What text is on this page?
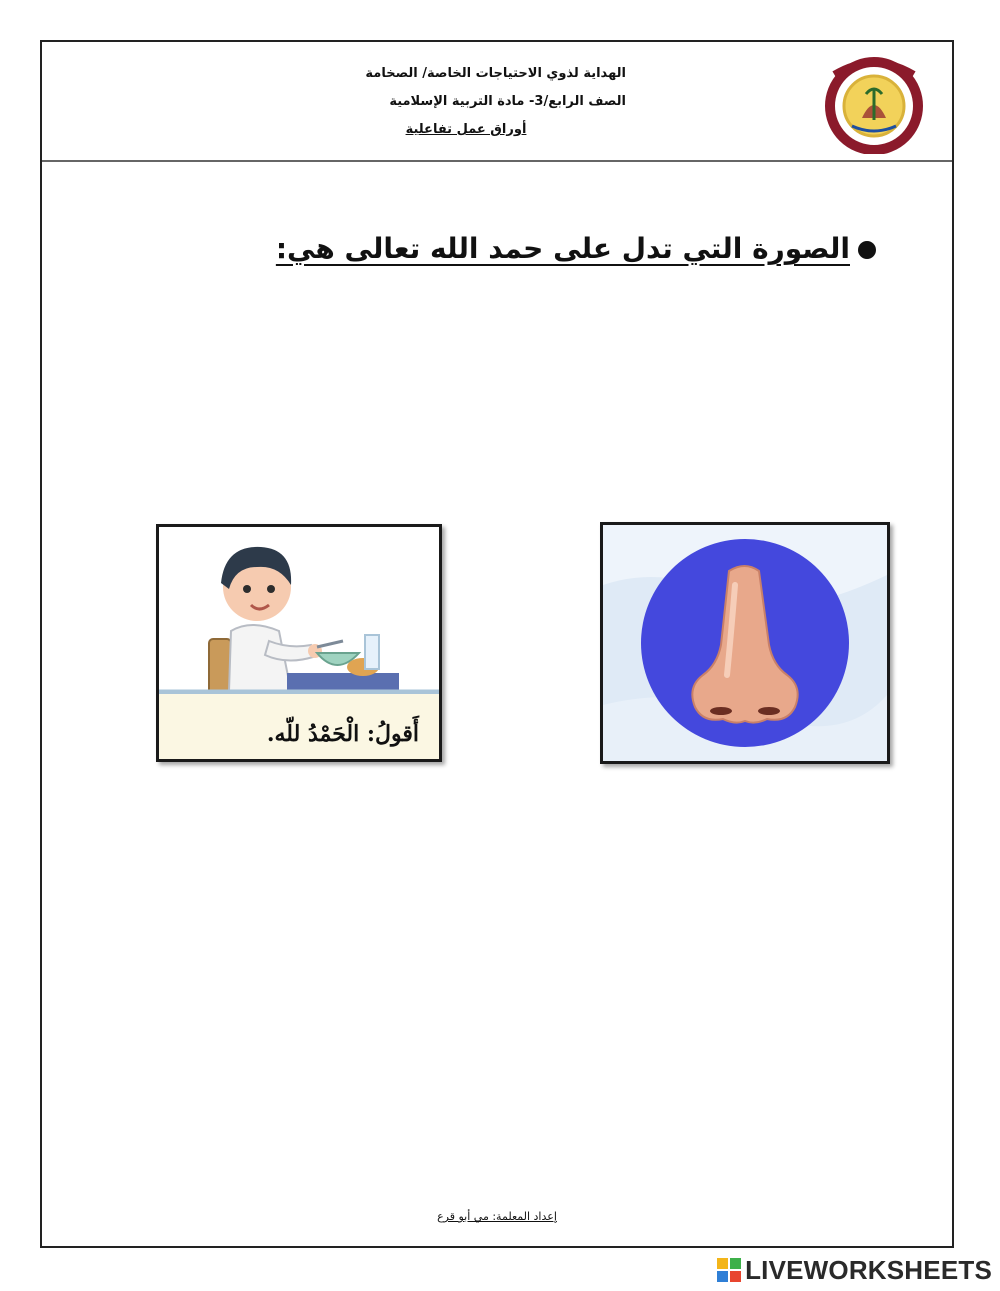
الهداية لذوي الاحتياجات الخاصة/ الصخامة
الصف الرابع/3- مادة التربية الإسلامية
أوراق عمل تفاعلية
الصورة التي تدل على حمد الله تعالى هي:
أَقولُ: الْحَمْدُ للّه.
إعداد المعلمة: مي أبو قرع
LIVEWORKSHEETS
